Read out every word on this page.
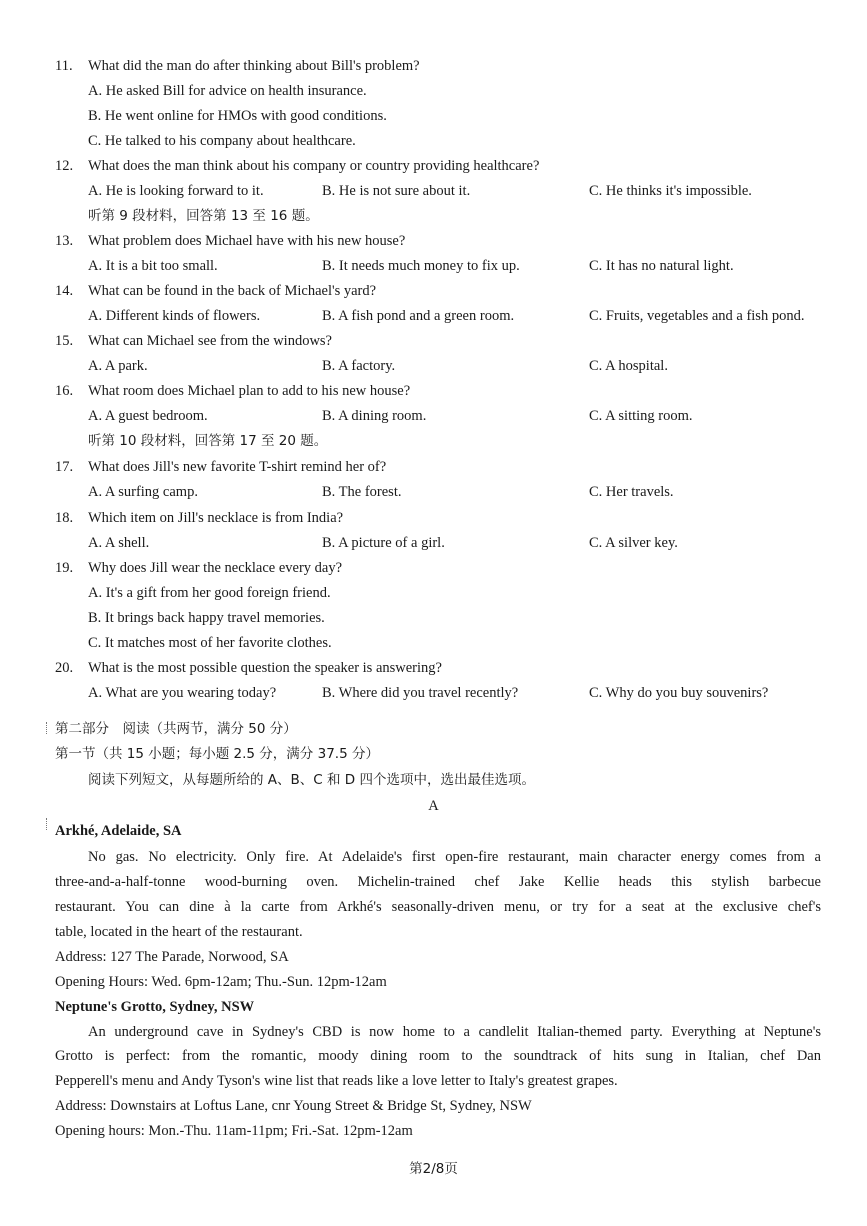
11. What did the man do after thinking about Bill's problem?
A. He asked Bill for advice on health insurance.
B. He went online for HMOs with good conditions.
C. He talked to his company about healthcare.
12. What does the man think about his company or country providing healthcare?
A. He is looking forward to it.	B. He is not sure about it.	C. He thinks it's impossible.
听第 9 段材料，回答第 13 至 16 题。
13. What problem does Michael have with his new house?
A. It is a bit too small.	B. It needs much money to fix up.	C. It has no natural light.
14. What can be found in the back of Michael's yard?
A. Different kinds of flowers.	B. A fish pond and a green room.	C. Fruits, vegetables and a fish pond.
15. What can Michael see from the windows?
A. A park.	B. A factory.	C. A hospital.
16. What room does Michael plan to add to his new house?
A. A guest bedroom.	B. A dining room.	C. A sitting room.
听第 10 段材料，回答第 17 至 20 题。
17. What does Jill's new favorite T-shirt remind her of?
A. A surfing camp.	B. The forest.	C. Her travels.
18. Which item on Jill's necklace is from India?
A. A shell.	B. A picture of a girl.	C. A silver key.
19. Why does Jill wear the necklace every day?
A. It's a gift from her good foreign friend.
B. It brings back happy travel memories.
C. It matches most of her favorite clothes.
20. What is the most possible question the speaker is answering?
A. What are you wearing today?	B. Where did you travel recently?	C. Why do you buy souvenirs?
第二部分　阅读（共两节，满分 50 分）
第一节（共 15 小题；每小题 2.5 分，满分 37.5 分）
阅读下列短文，从每题所给的 A、B、C 和 D 四个选项中，选出最佳选项。
A
Arkhé, Adelaide, SA
No gas. No electricity. Only fire. At Adelaide's first open-fire restaurant, main character energy comes from a
three-and-a-half-tonne wood-burning oven. Michelin-trained chef Jake Kellie heads this stylish barbecue
restaurant. You can dine à la carte from Arkhé's seasonally-driven menu, or try for a seat at the exclusive chef's
table, located in the heart of the restaurant.
Address: 127 The Parade, Norwood, SA
Opening Hours: Wed. 6pm-12am; Thu.-Sun. 12pm-12am
Neptune's Grotto, Sydney, NSW
An underground cave in Sydney's CBD is now home to a candlelit Italian-themed party. Everything at Neptune's
Grotto is perfect: from the romantic, moody dining room to the soundtrack of hits sung in Italian, chef Dan
Pepperell's menu and Andy Tyson's wine list that reads like a love letter to Italy's greatest grapes.
Address: Downstairs at Loftus Lane, cnr Young Street & Bridge St, Sydney, NSW
Opening hours: Mon.-Thu. 11am-11pm; Fri.-Sat. 12pm-12am
第2/8页
